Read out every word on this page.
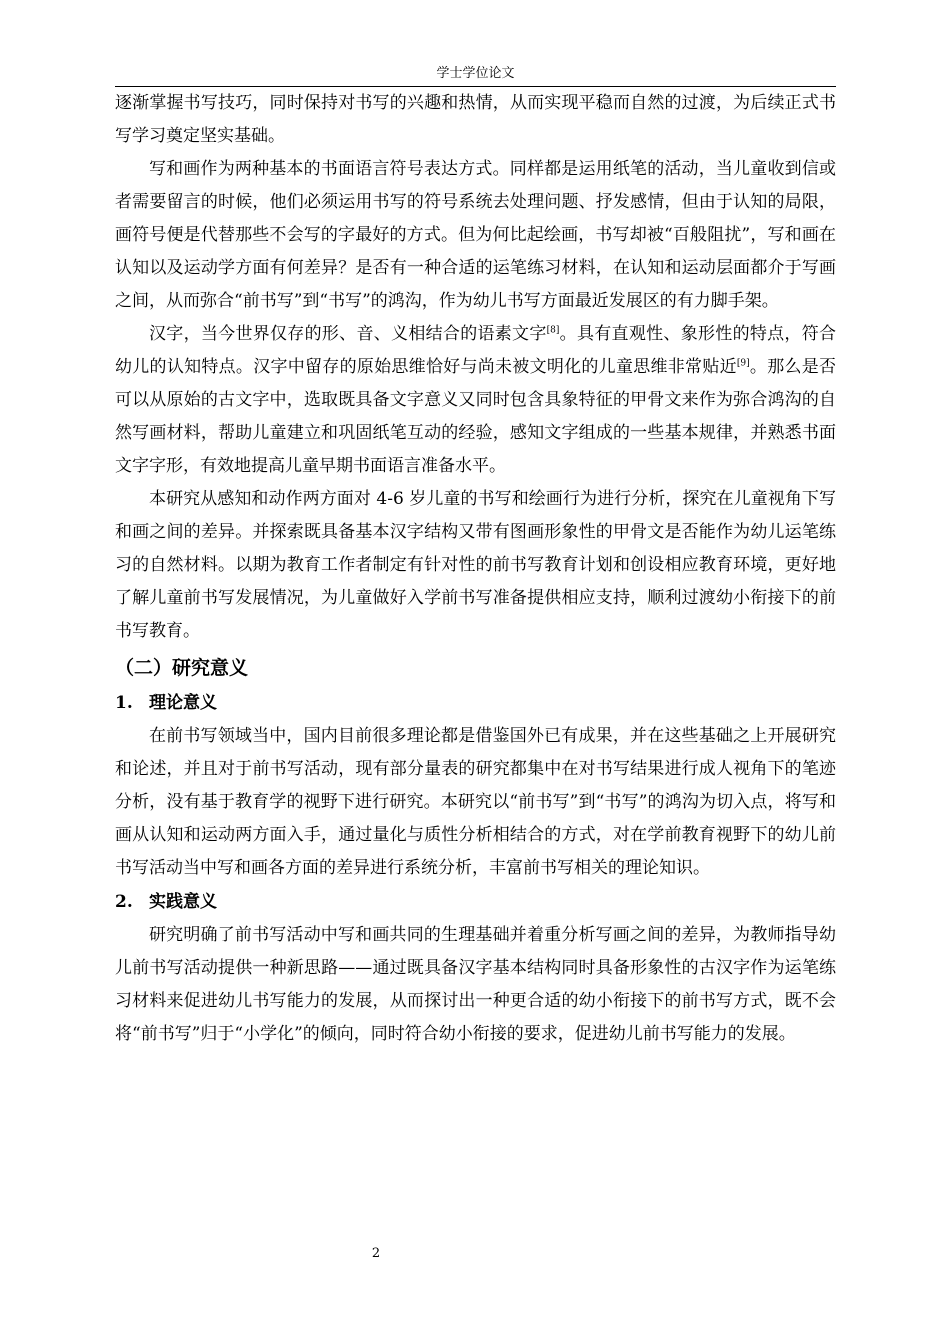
学士学位论文

逐渐掌握书写技巧，同时保持对书写的兴趣和热情，从而实现平稳而自然的过渡，为后续正式书写学习奠定坚实基础。

写和画作为两种基本的书面语言符号表达方式。同样都是运用纸笔的活动，当儿童收到信或者需要留言的时候，他们必须运用书写的符号系统去处理问题、抒发感情，但由于认知的局限，画符号便是代替那些不会写的字最好的方式。但为何比起绘画，书写却被“百般阻扰”，写和画在认知以及运动学方面有何差异？是否有一种合适的运笔练习材料，在认知和运动层面都介于写画之间，从而弥合“前书写”到“书写”的鸿沟，作为幼儿书写方面最近发展区的有力脚手架。

汉字，当今世界仅存的形、音、义相结合的语素文字[8]。具有直观性、象形性的特点，符合幼儿的认知特点。汉字中留存的原始思维恰好与尚未被文明化的儿童思维非常贴近[9]。那么是否可以从原始的古文字中，选取既具备文字意义又同时包含具象特征的甲骨文来作为弥合鸿沟的自然写画材料，帮助儿童建立和巩固纸笔互动的经验，感知文字组成的一些基本规律，并熟悉书面文字字形，有效地提高儿童早期书面语言准备水平。

本研究从感知和动作两方面对 4-6 岁儿童的书写和绘画行为进行分析，探究在儿童视角下写和画之间的差异。并探索既具备基本汉字结构又带有图画形象性的甲骨文是否能作为幼儿运笔练习的自然材料。以期为教育工作者制定有针对性的前书写教育计划和创设相应教育环境，更好地了解儿童前书写发展情况，为儿童做好入学前书写准备提供相应支持，顺利过渡幼小衔接下的前书写教育。

（二）研究意义
1. 理论意义

在前书写领域当中，国内目前很多理论都是借鉴国外已有成果，并在这些基础之上开展研究和论述，并且对于前书写活动，现有部分量表的研究都集中在对书写结果进行成人视角下的笔迹分析，没有基于教育学的视野下进行研究。本研究以“前书写”到“书写”的鸿沟为切入点，将写和画从认知和运动两方面入手，通过量化与质性分析相结合的方式，对在学前教育视野下的幼儿前书写活动当中写和画各方面的差异进行系统分析，丰富前书写相关的理论知识。

2. 实践意义

研究明确了前书写活动中写和画共同的生理基础并着重分析写画之间的差异，为教师指导幼儿前书写活动提供一种新思路——通过既具备汉字基本结构同时具备形象性的古汉字作为运笔练习材料来促进幼儿书写能力的发展，从而探讨出一种更合适的幼小衔接下的前书写方式，既不会将“前书写”归于“小学化”的倾向，同时符合幼小衔接的要求，促进幼儿前书写能力的发展。

2
